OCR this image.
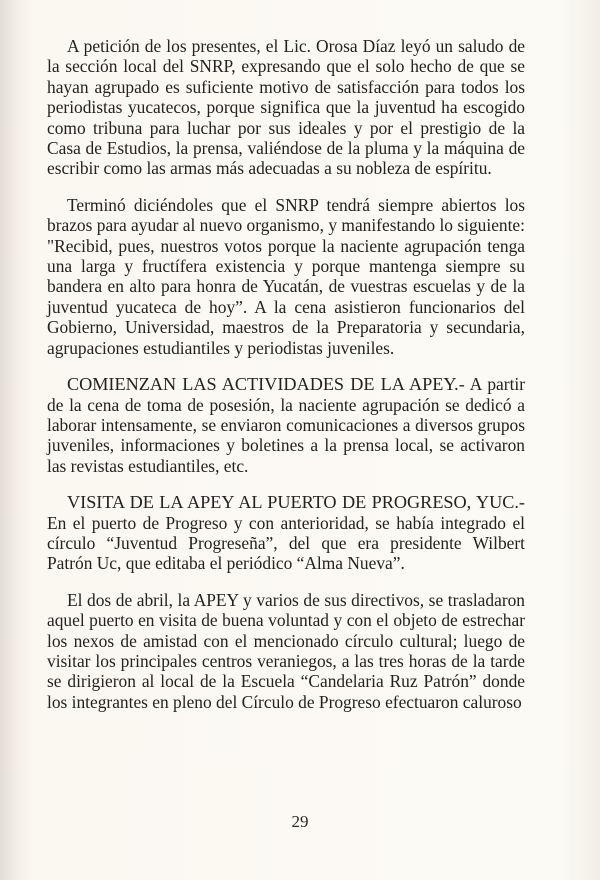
A petición de los presentes, el Lic. Orosa Díaz leyó un saludo de la sección local del SNRP, expresando que el solo hecho de que se hayan agrupado es suficiente motivo de satisfacción para todos los periodistas yucatecos, porque significa que la juventud ha escogido como tribuna para luchar por sus ideales y por el prestigio de la Casa de Estudios, la prensa, valiéndose de la pluma y la máquina de escribir como las armas más adecuadas a su nobleza de espíritu.

Terminó diciéndoles que el SNRP tendrá siempre abiertos los brazos para ayudar al nuevo organismo, y manifestando lo siguiente: "Recibid, pues, nuestros votos porque la naciente agrupación tenga una larga y fructífera existencia y porque mantenga siempre su bandera en alto para honra de Yucatán, de vuestras escuelas y de la juventud yucateca de hoy”. A la cena asistieron funcionarios del Gobierno, Universidad, maestros de la Preparatoria y secundaria, agrupaciones estudiantiles y periodistas juveniles.

COMIENZAN LAS ACTIVIDADES DE LA APEY.- A partir de la cena de toma de posesión, la naciente agrupación se dedicó a laborar intensamente, se enviaron comunicaciones a diversos grupos juveniles, informaciones y boletines a la prensa local, se activaron las revistas estudiantiles, etc.

VISITA DE LA APEY AL PUERTO DE PROGRESO, YUC.- En el puerto de Progreso y con anterioridad, se había integrado el círculo “Juventud Progreseña”, del que era presidente Wilbert Patrón Uc, que editaba el periódico “Alma Nueva”.

El dos de abril, la APEY y varios de sus directivos, se trasladaron aquel puerto en visita de buena voluntad y con el objeto de estrechar los nexos de amistad con el mencionado círculo cultural; luego de visitar los principales centros veraniegos, a las tres horas de la tarde se dirigieron al local de la Escuela “Candelaria Ruz Patrón” donde los integrantes en pleno del Círculo de Progreso efectuaron caluroso

29
